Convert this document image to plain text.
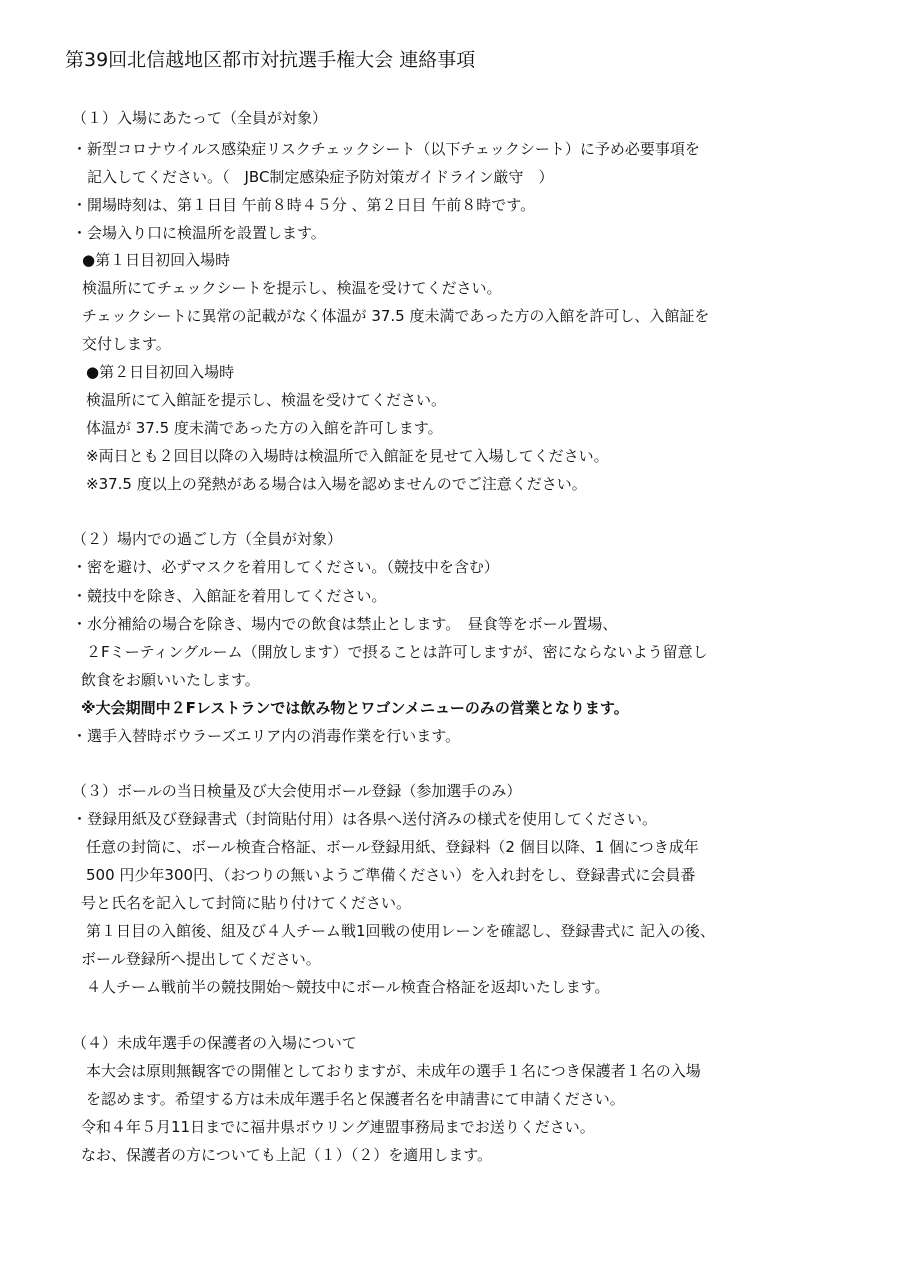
第39回北信越地区都市対抗選手権大会 連絡事項
（１）入場にあたって（全員が対象）
・新型コロナウイルス感染症リスクチェックシート（以下チェックシート）に予め必要事項を
記入してください。（　JBC制定感染症予防対策ガイドライン厳守　）
・開場時刻は、第１日目 午前８時４５分 、第２日目 午前８時です。
・会場入り口に検温所を設置します。
●第１日目初回入場時
検温所にてチェックシートを提示し、検温を受けてください。
チェックシートに異常の記載がなく体温が 37.5 度未満であった方の入館を許可し、入館証を
交付します。
●第２日目初回入場時
検温所にて入館証を提示し、検温を受けてください。
体温が 37.5 度未満であった方の入館を許可します。
※両日とも２回目以降の入場時は検温所で入館証を見せて入場してください。
※37.5 度以上の発熱がある場合は入場を認めませんのでご注意ください。
（２）場内での過ごし方（全員が対象）
・密を避け、必ずマスクを着用してください。（競技中を含む）
・競技中を除き、入館証を着用してください。
・水分補給の場合を除き、場内での飲食は禁止とします。　昼食等をボール置場、
２Fミーティングルーム（開放します）で摂ることは許可しますが、密にならないよう留意し
飲食をお願いいたします。
※大会期間中２Fレストランでは飲み物とワゴンメニューのみの営業となります。
・選手入替時ボウラーズエリア内の消毒作業を行います。
（３）ボールの当日検量及び大会使用ボール登録（参加選手のみ）
・登録用紙及び登録書式（封筒貼付用）は各県へ送付済みの様式を使用してください。
任意の封筒に、ボール検査合格証、ボール登録用紙、登録料（2 個目以降、1 個につき成年
500 円少年300円、（おつりの無いようご準備ください）を入れ封をし、登録書式に会員番
号と氏名を記入して封筒に貼り付けてください。
第１日目の入館後、組及び４人チーム戦1回戦の使用レーンを確認し、登録書式に 記入の後、
ボール登録所へ提出してください。
４人チーム戦前半の競技開始～競技中にボール検査合格証を返却いたします。
（４）未成年選手の保護者の入場について
本大会は原則無観客での開催としておりますが、未成年の選手１名につき保護者１名の入場
を認めます。希望する方は未成年選手名と保護者名を申請書にて申請ください。
令和４年５月11日までに福井県ボウリング連盟事務局までお送りください。
なお、保護者の方についても上記（１）（２）を適用します。
